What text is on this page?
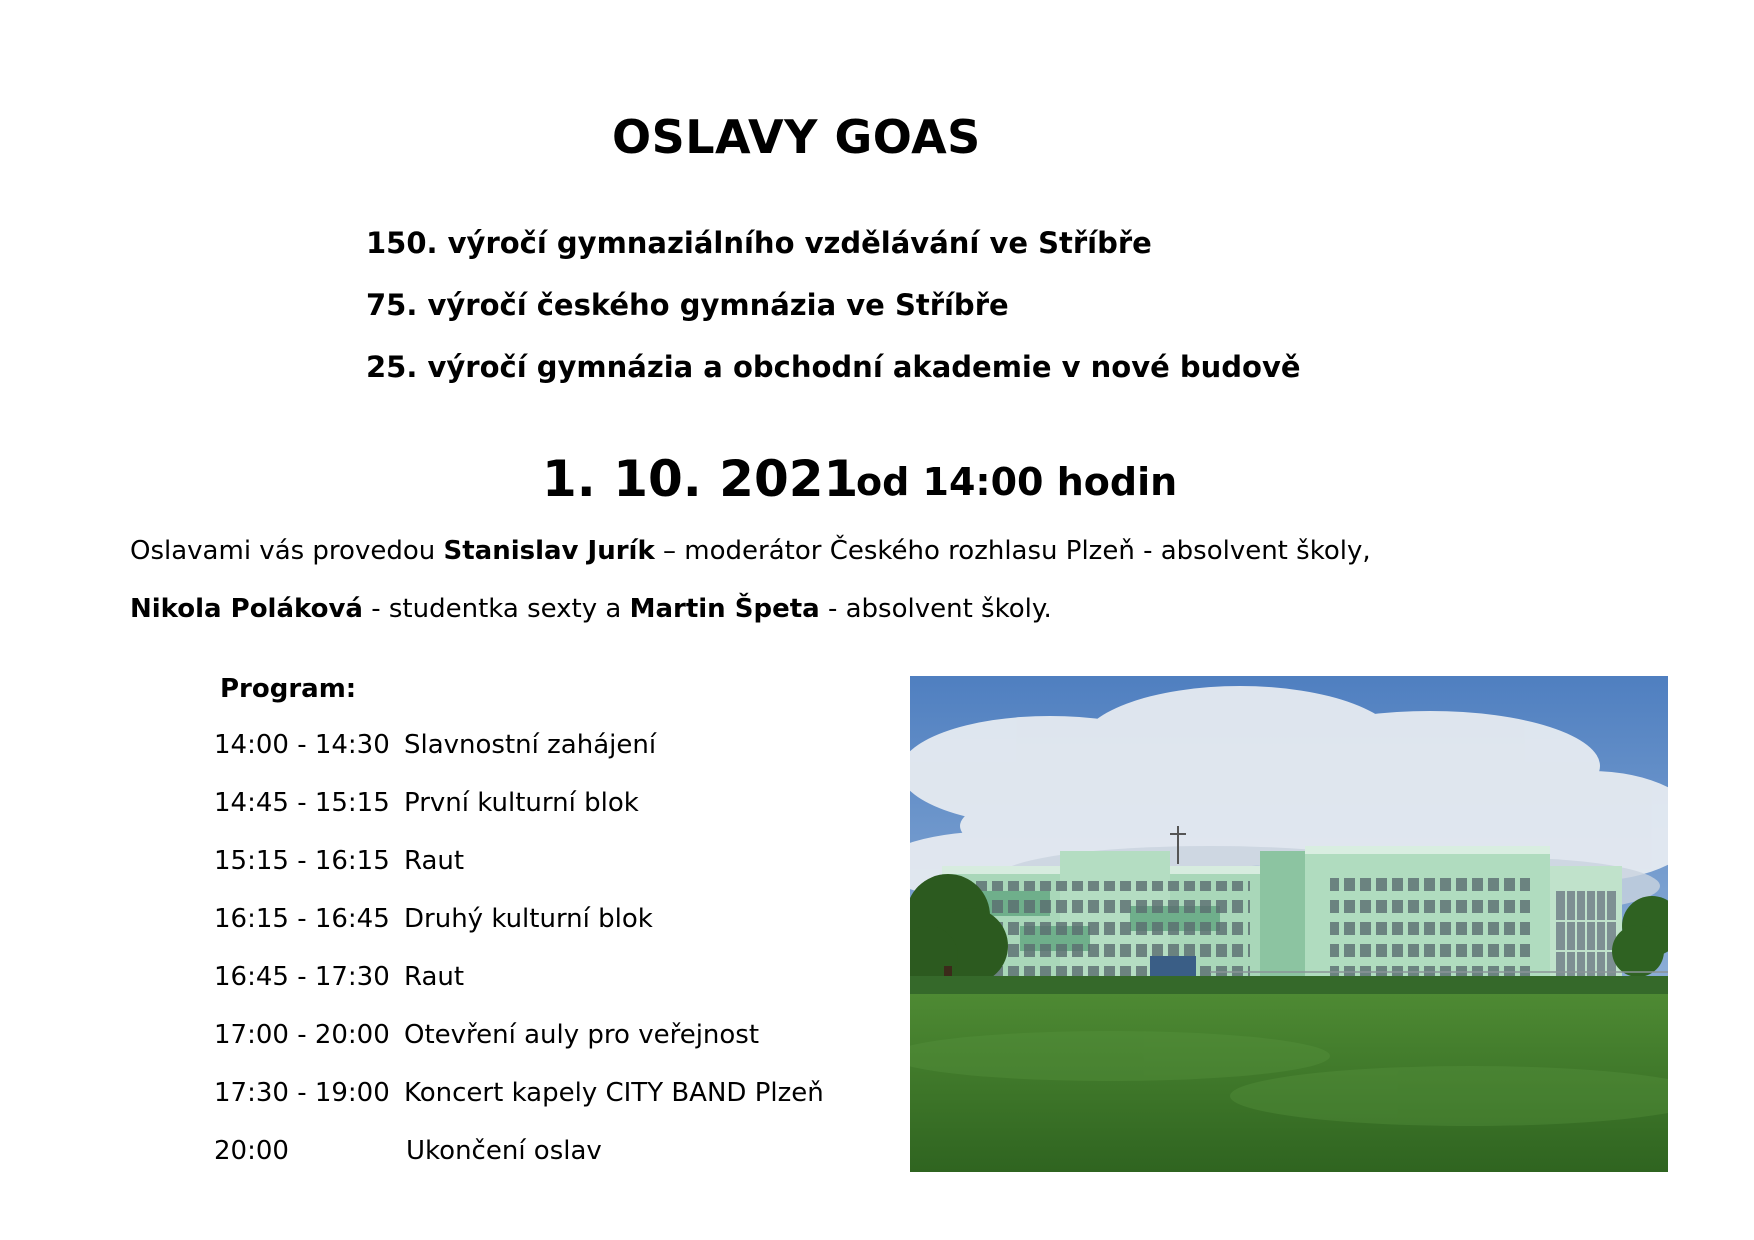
OSLAVY GOAS
150. výročí gymnaziálního vzdělávání ve Stříbře
75. výročí českého gymnázia ve Stříbře
25. výročí gymnázia a obchodní akademie v nové budově
1. 10. 2021
od 14:00 hodin
Oslavami vás provedou Stanislav Jurík – moderátor Českého rozhlasu Plzeň - absolvent školy,
Nikola Poláková - studentka sexty a Martin Špeta - absolvent školy.
Program:
14:00 - 14:30 Slavnostní zahájení
14:45 - 15:15 První kulturní blok
15:15 - 16:15 Raut
16:15 - 16:45 Druhý kulturní blok
16:45 - 17:30 Raut
17:00 - 20:00 Otevření auly pro veřejnost
17:30 - 19:00 Koncert kapely CITY BAND Plzeň
20:00	Ukončení oslav
